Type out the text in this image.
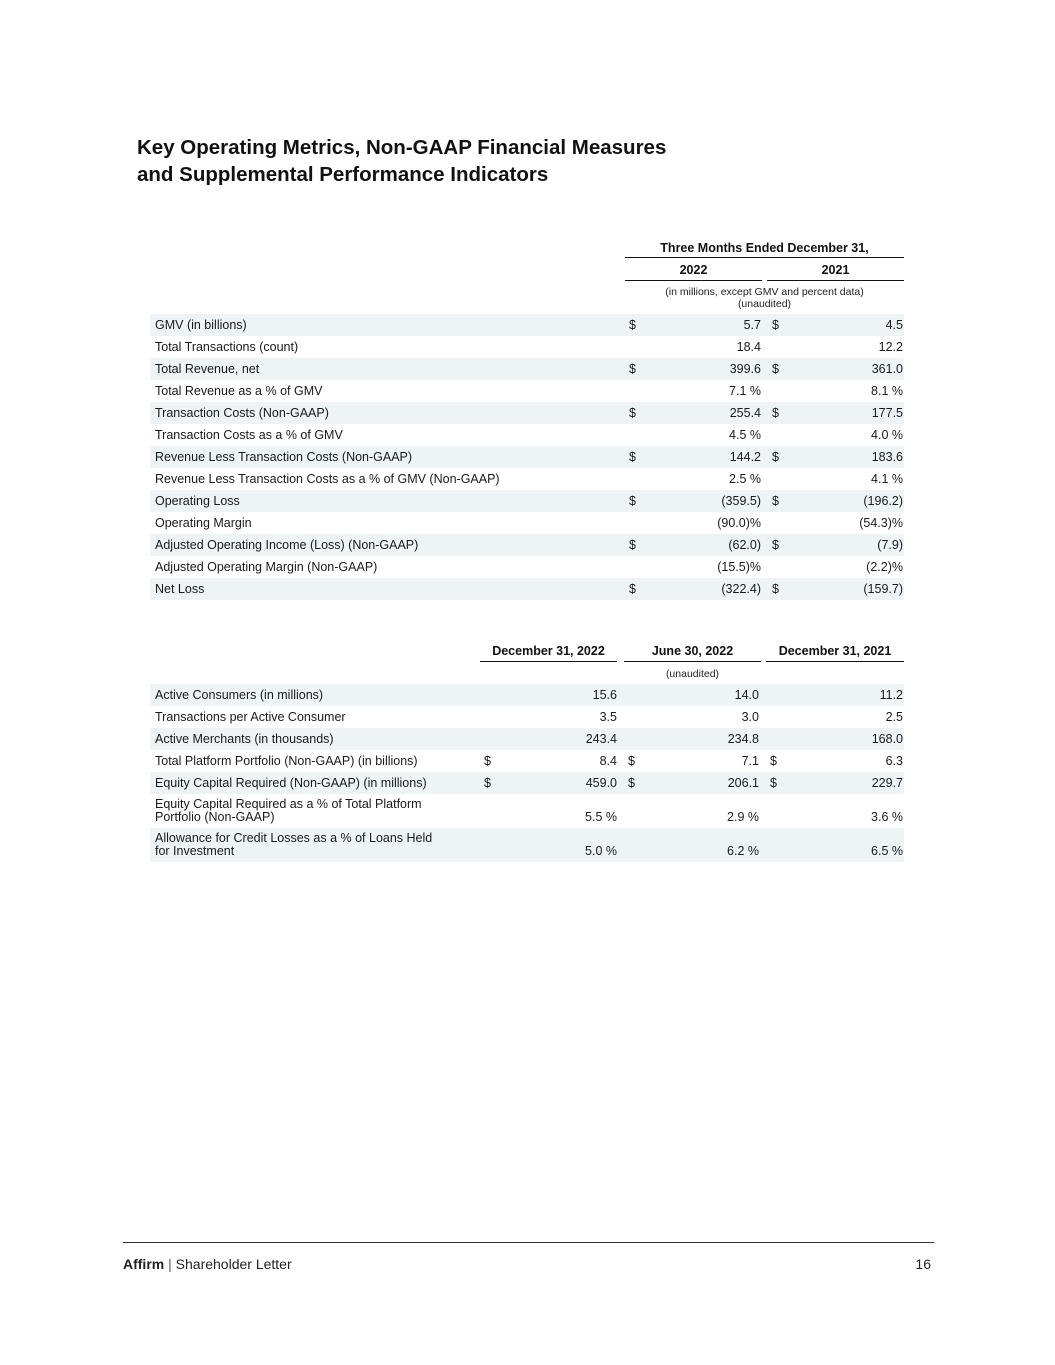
Key Operating Metrics, Non-GAAP Financial Measures
and Supplemental Performance Indicators
Three Months Ended December 31,
2022	2021
(in millions, except GMV and percent data)
(unaudited)
GMV (in billions)	$	5.7 $	4.5
Total Transactions (count)	18.4	12.2
Total Revenue, net	$	399.6 $	361.0
Total Revenue as a % of GMV	7.1 %	8.1 %
Transaction Costs (Non-GAAP)	$	255.4 $	177.5
Transaction Costs as a % of GMV	4.5 %	4.0 %
Revenue Less Transaction Costs (Non-GAAP)	$	144.2 $	183.6
Revenue Less Transaction Costs as a % of GMV (Non-GAAP)	2.5 %	4.1 %
Operating Loss	$	(359.5) $	(196.2)
Operating Margin	(90.0)%	(54.3)%
Adjusted Operating Income (Loss) (Non-GAAP)	$	(62.0) $	(7.9)
Adjusted Operating Margin (Non-GAAP)	(15.5)%	(2.2)%
Net Loss	$	(322.4) $	(159.7)
December 31, 2022	June 30, 2022	December 31, 2021
(unaudited)
Active Consumers (in millions)	15.6	14.0	11.2
Transactions per Active Consumer	3.5	3.0	2.5
Active Merchants (in thousands)	243.4	234.8	168.0
Total Platform Portfolio (Non-GAAP) (in billions)	$	8.4 $	7.1 $	6.3
Equity Capital Required (Non-GAAP) (in millions)	$	459.0 $	206.1 $	229.7
Equity Capital Required as a % of Total Platform
Portfolio (Non-GAAP)	5.5 %	2.9 %	3.6 %
Allowance for Credit Losses as a % of Loans Held
for Investment	5.0 %	6.2 %	6.5 %
Affirm | Shareholder Letter	16
